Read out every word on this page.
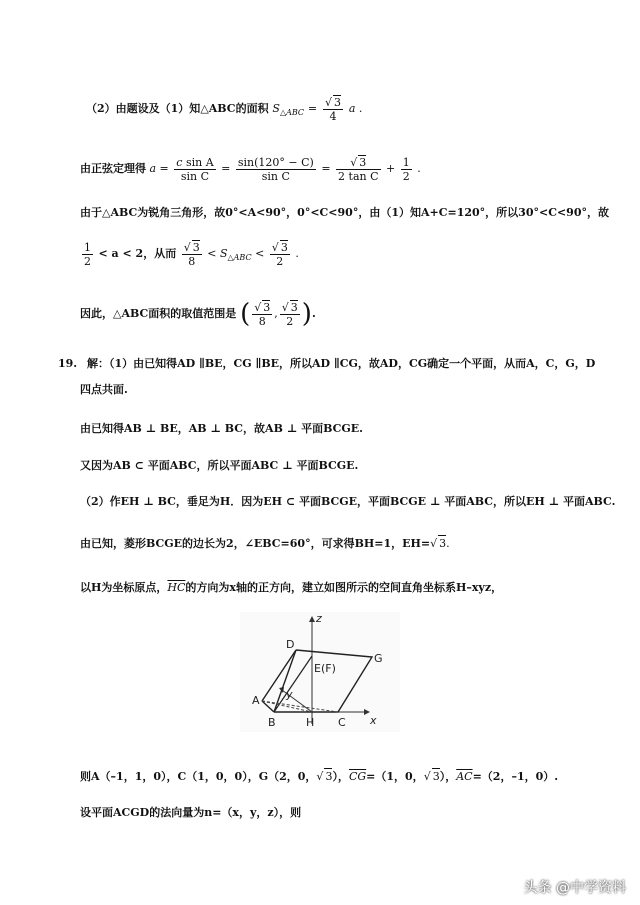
（2）由题设及（1）知△ABC的面积 $S_{\triangle ABC}$ = √ $\frac{3}{4}$ a .
由正弦定理得 $a = \frac{\text{c sin A}}{\text{sin C}} = \frac{\sin(120^\circ - C)}{\text{sin C}}$ = √ $\frac{3}{\text{2 tan C}} + \frac{1}{2}$ .
由于△ABC为锐角三角形，故0°<A<90°，0°<C<90°，由（1）知A+C=120°，所以30°<C<90°，故
$\frac{1}{2} < a < 2$，从而 √ $\frac{3}{8} < S_{\triangle ABC}$ < √ $\frac{3}{2}$ .
因此，△ABC面积的取值范围是 ( √ $\frac{3}{8}$ , √ $\frac{3}{2}$ ).
19. 解：（1）由已知得AD ∥BE，CG ∥BE，所以AD ∥CG，故AD，CG确定一个平面，从而A，C，G，D
四点共面.
由已知得AB ⊥ BE，AB ⊥ BC，故AB ⊥ 平面BCGE.
又因为AB ⊂ 平面ABC，所以平面ABC ⊥ 平面BCGE.
（2）作EH ⊥ BC，垂足为H．因为EH ⊂ 平面BCGE，平面BCGE ⊥ 平面ABC，所以EH ⊥ 平面ABC.
由已知，菱形BCGE的边长为2，∠EBC=60°，可求得BH=1，EH= √ 3.
以H为坐标原点，$\overline{HC}$的方向为x轴的正方向，建立如图所示的空间直角坐标系H–xyz，
z
D
G
E(F)
y
A
B	H C x
则A（–1，1，0），C（1，0，0），G（2，0， √ 3），$\overline{CG}=(1$，0， √ 3），$\overline{AC}=(2$，–1，0）.
设平面ACGD的法向量为n=（x，y，z），则
头条 @中学资料
